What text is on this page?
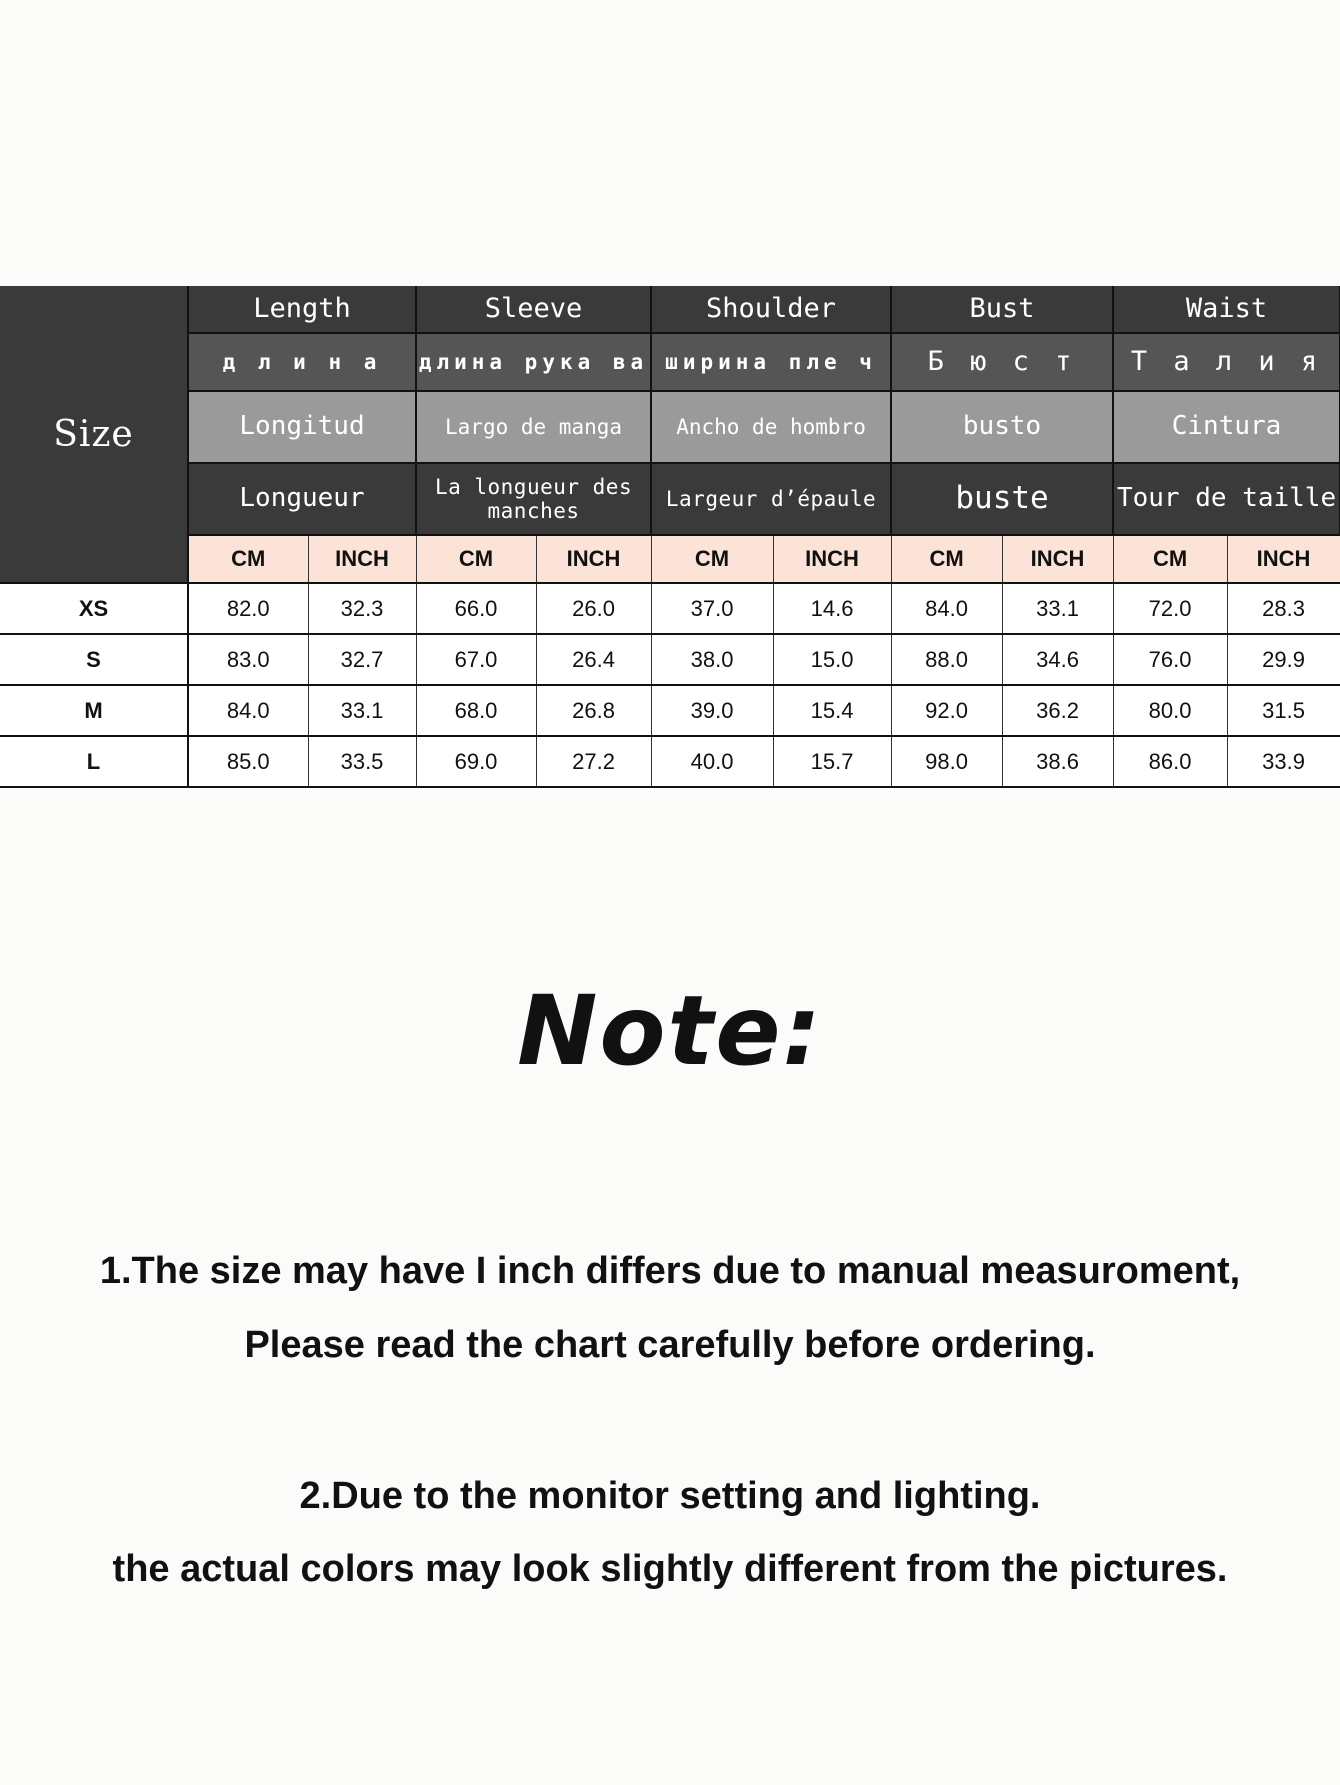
Size	Length		Sleeve		Shoulder		Bust		Waist	
	д л и н а		длина рука ва		ширина пле ч		Б ю с т		Т а л и я	
	Longitud		Largo de manga		Ancho de hombro		busto		Cintura	
	Longueur		La longueur des manches		Largeur d’épaule		buste		Tour de taille	
	CM	INCH	CM	INCH	CM	INCH	CM	INCH	CM	INCH
XS	82.0	32.3	66.0	26.0	37.0	14.6	84.0	33.1	72.0	28.3
S	83.0	32.7	67.0	26.4	38.0	15.0	88.0	34.6	76.0	29.9
M	84.0	33.1	68.0	26.8	39.0	15.4	92.0	36.2	80.0	31.5
L	85.0	33.5	69.0	27.2	40.0	15.7	98.0	38.6	86.0	33.9
Note:
1.The size may have I inch differs due to manual measuroment,
Please read the chart carefully before ordering.
2.Due to the monitor setting and lighting.
the actual colors may look slightly different from the pictures.
